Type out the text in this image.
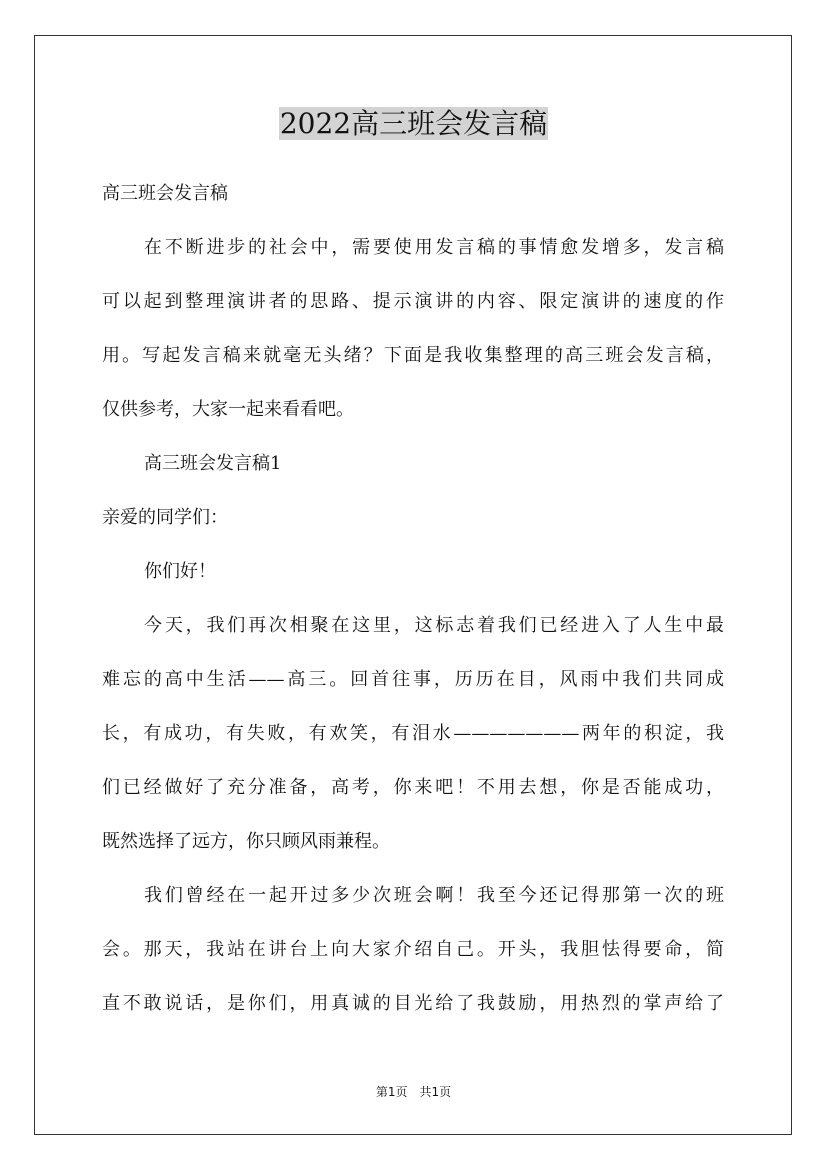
2022高三班会发言稿

高三班会发言稿

在不断进步的社会中，需要使用发言稿的事情愈发增多，发言稿

可以起到整理演讲者的思路、提示演讲的内容、限定演讲的速度的作

用。写起发言稿来就毫无头绪？下面是我收集整理的高三班会发言稿，

仅供参考，大家一起来看看吧。

高三班会发言稿1

亲爱的同学们：

你们好！

今天，我们再次相聚在这里，这标志着我们已经进入了人生中最

难忘的高中生活——高三。回首往事，历历在目，风雨中我们共同成

长，有成功，有失败，有欢笑，有泪水———————两年的积淀，我

们已经做好了充分准备，高考，你来吧！不用去想，你是否能成功，

既然选择了远方，你只顾风雨兼程。

我们曾经在一起开过多少次班会啊！我至今还记得那第一次的班

会。那天，我站在讲台上向大家介绍自己。开头，我胆怯得要命，简

直不敢说话，是你们，用真诚的目光给了我鼓励，用热烈的掌声给了

第1页　共1页
